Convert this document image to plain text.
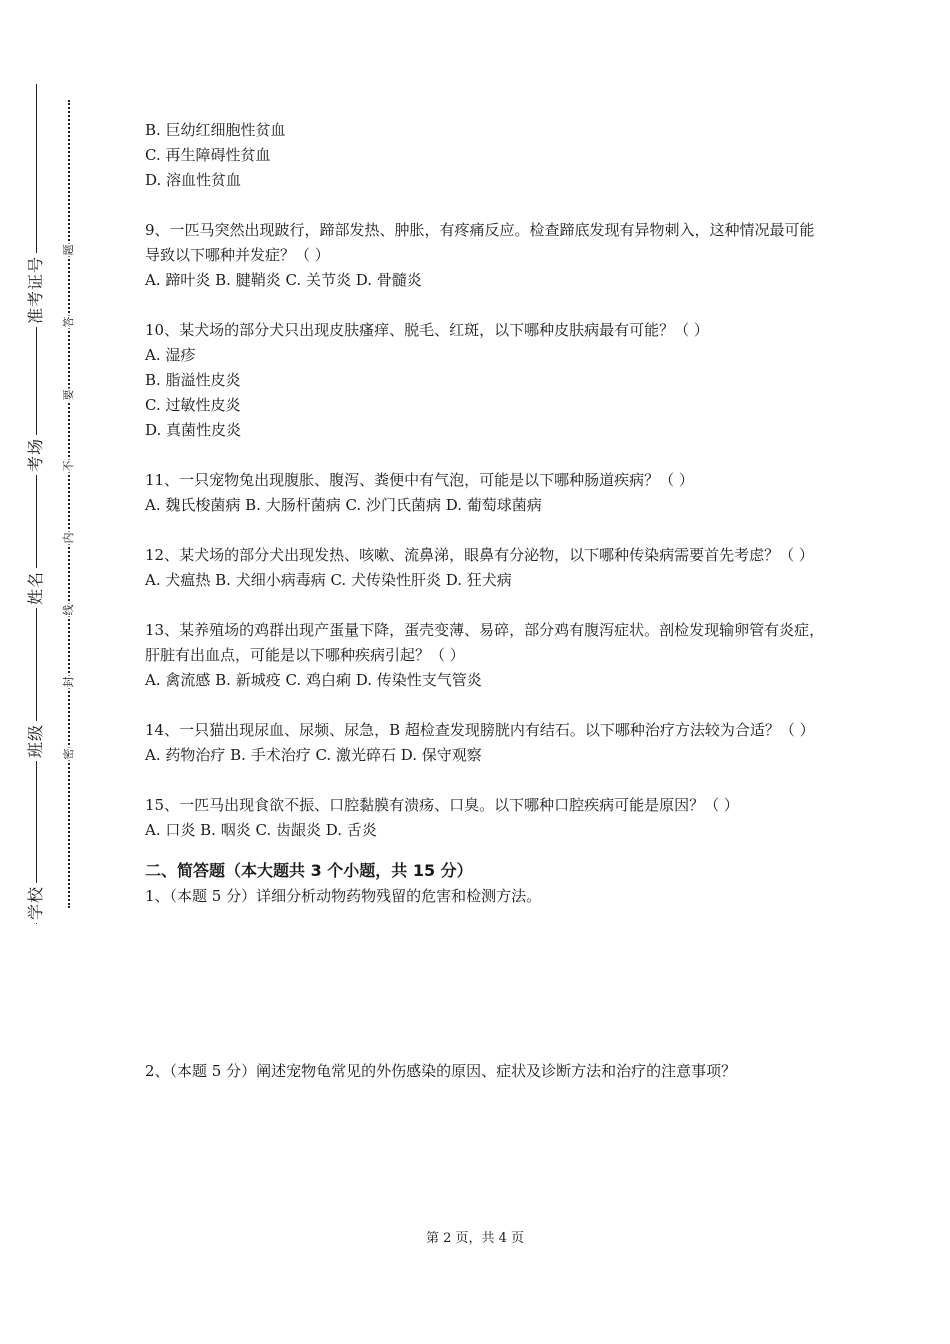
准考证号
考场
姓名
班级
学校
题
答
要
不
内
线
封
密
B. 巨幼红细胞性贫血
C. 再生障碍性贫血
D. 溶血性贫血
9、一匹马突然出现跛行，蹄部发热、肿胀，有疼痛反应。检查蹄底发现有异物刺入，这种情况最可能导致以下哪种并发症？（ ）
A. 蹄叶炎 B. 腱鞘炎 C. 关节炎 D. 骨髓炎
10、某犬场的部分犬只出现皮肤瘙痒、脱毛、红斑，以下哪种皮肤病最有可能？（ ）
A. 湿疹
B. 脂溢性皮炎
C. 过敏性皮炎
D. 真菌性皮炎
11、一只宠物兔出现腹胀、腹泻、粪便中有气泡，可能是以下哪种肠道疾病？（ ）
A. 魏氏梭菌病 B. 大肠杆菌病 C. 沙门氏菌病 D. 葡萄球菌病
12、某犬场的部分犬出现发热、咳嗽、流鼻涕，眼鼻有分泌物，以下哪种传染病需要首先考虑？（ ）
A. 犬瘟热 B. 犬细小病毒病 C. 犬传染性肝炎 D. 狂犬病
13、某养殖场的鸡群出现产蛋量下降，蛋壳变薄、易碎，部分鸡有腹泻症状。剖检发现输卵管有炎症，肝脏有出血点，可能是以下哪种疾病引起？（ ）
A. 禽流感 B. 新城疫 C. 鸡白痢 D. 传染性支气管炎
14、一只猫出现尿血、尿频、尿急，B 超检查发现膀胱内有结石。以下哪种治疗方法较为合适？（ ）
A. 药物治疗 B. 手术治疗 C. 激光碎石 D. 保守观察
15、一匹马出现食欲不振、口腔黏膜有溃疡、口臭。以下哪种口腔疾病可能是原因？（ ）
A. 口炎 B. 咽炎 C. 齿龈炎 D. 舌炎
二、简答题（本大题共 3 个小题，共 15 分）
1、（本题 5 分）详细分析动物药物残留的危害和检测方法。
2、（本题 5 分）阐述宠物龟常见的外伤感染的原因、症状及诊断方法和治疗的注意事项？
第 2 页，共 4 页
